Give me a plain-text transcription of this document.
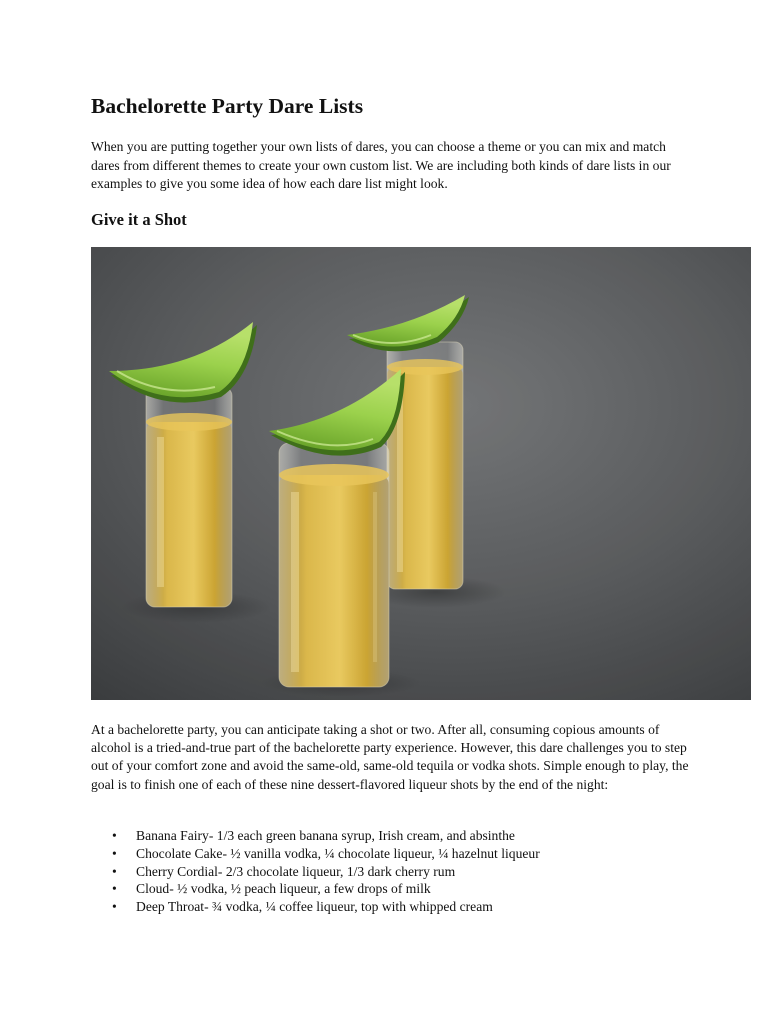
Bachelorette Party Dare Lists

When you are putting together your own lists of dares, you can choose a theme or you can mix and match dares from different themes to create your own custom list. We are including both kinds of dare lists in our examples to give you some idea of how each dare list might look.

Give it a Shot

At a bachelorette party, you can anticipate taking a shot or two. After all, consuming copious amounts of alcohol is a tried-and-true part of the bachelorette party experience. However, this dare challenges you to step out of your comfort zone and avoid the same-old, same-old tequila or vodka shots. Simple enough to play, the goal is to finish one of each of these nine dessert-flavored liqueur shots by the end of the night:

• Banana Fairy- 1/3 each green banana syrup, Irish cream, and absinthe
• Chocolate Cake- ½ vanilla vodka, ¼ chocolate liqueur, ¼ hazelnut liqueur
• Cherry Cordial- 2/3 chocolate liqueur, 1/3 dark cherry rum
• Cloud- ½ vodka, ½ peach liqueur, a few drops of milk
• Deep Throat- ¾ vodka, ¼ coffee liqueur, top with whipped cream
